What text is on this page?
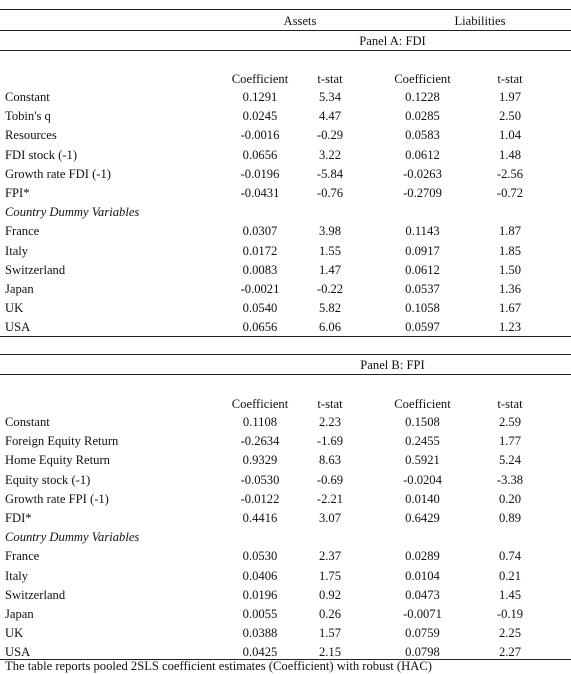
Assets	Liabilities
Panel A: FDI
Coefficient	t-stat	Coefficient	t-stat
Constant	0.1291	5.34	0.1228	1.97
Tobin's q	0.0245	4.47	0.0285	2.50
Resources	-0.0016	-0.29	0.0583	1.04
FDI stock (-1)	0.0656	3.22	0.0612	1.48
Growth rate FDI (-1)	-0.0196	-5.84	-0.0263	-2.56
FPI*	-0.0431	-0.76	-0.2709	-0.72
Country Dummy Variables
France	0.0307	3.98	0.1143	1.87
Italy	0.0172	1.55	0.0917	1.85
Switzerland	0.0083	1.47	0.0612	1.50
Japan	-0.0021	-0.22	0.0537	1.36
UK	0.0540	5.82	0.1058	1.67
USA	0.0656	6.06	0.0597	1.23
Panel B: FPI
Coefficient	t-stat	Coefficient	t-stat
Constant	0.1108	2.23	0.1508	2.59
Foreign Equity Return	-0.2634	-1.69	0.2455	1.77
Home Equity Return	0.9329	8.63	0.5921	5.24
Equity stock (-1)	-0.0530	-0.69	-0.0204	-3.38
Growth rate FPI (-1)	-0.0122	-2.21	0.0140	0.20
FDI*	0.4416	3.07	0.6429	0.89
Country Dummy Variables
France	0.0530	2.37	0.0289	0.74
Italy	0.0406	1.75	0.0104	0.21
Switzerland	0.0196	0.92	0.0473	1.45
Japan	0.0055	0.26	-0.0071	-0.19
UK	0.0388	1.57	0.0759	2.25
USA	0.0425	2.15	0.0798	2.27
The table reports pooled 2SLS coefficient estimates (Coefficient) with robust (HAC)
